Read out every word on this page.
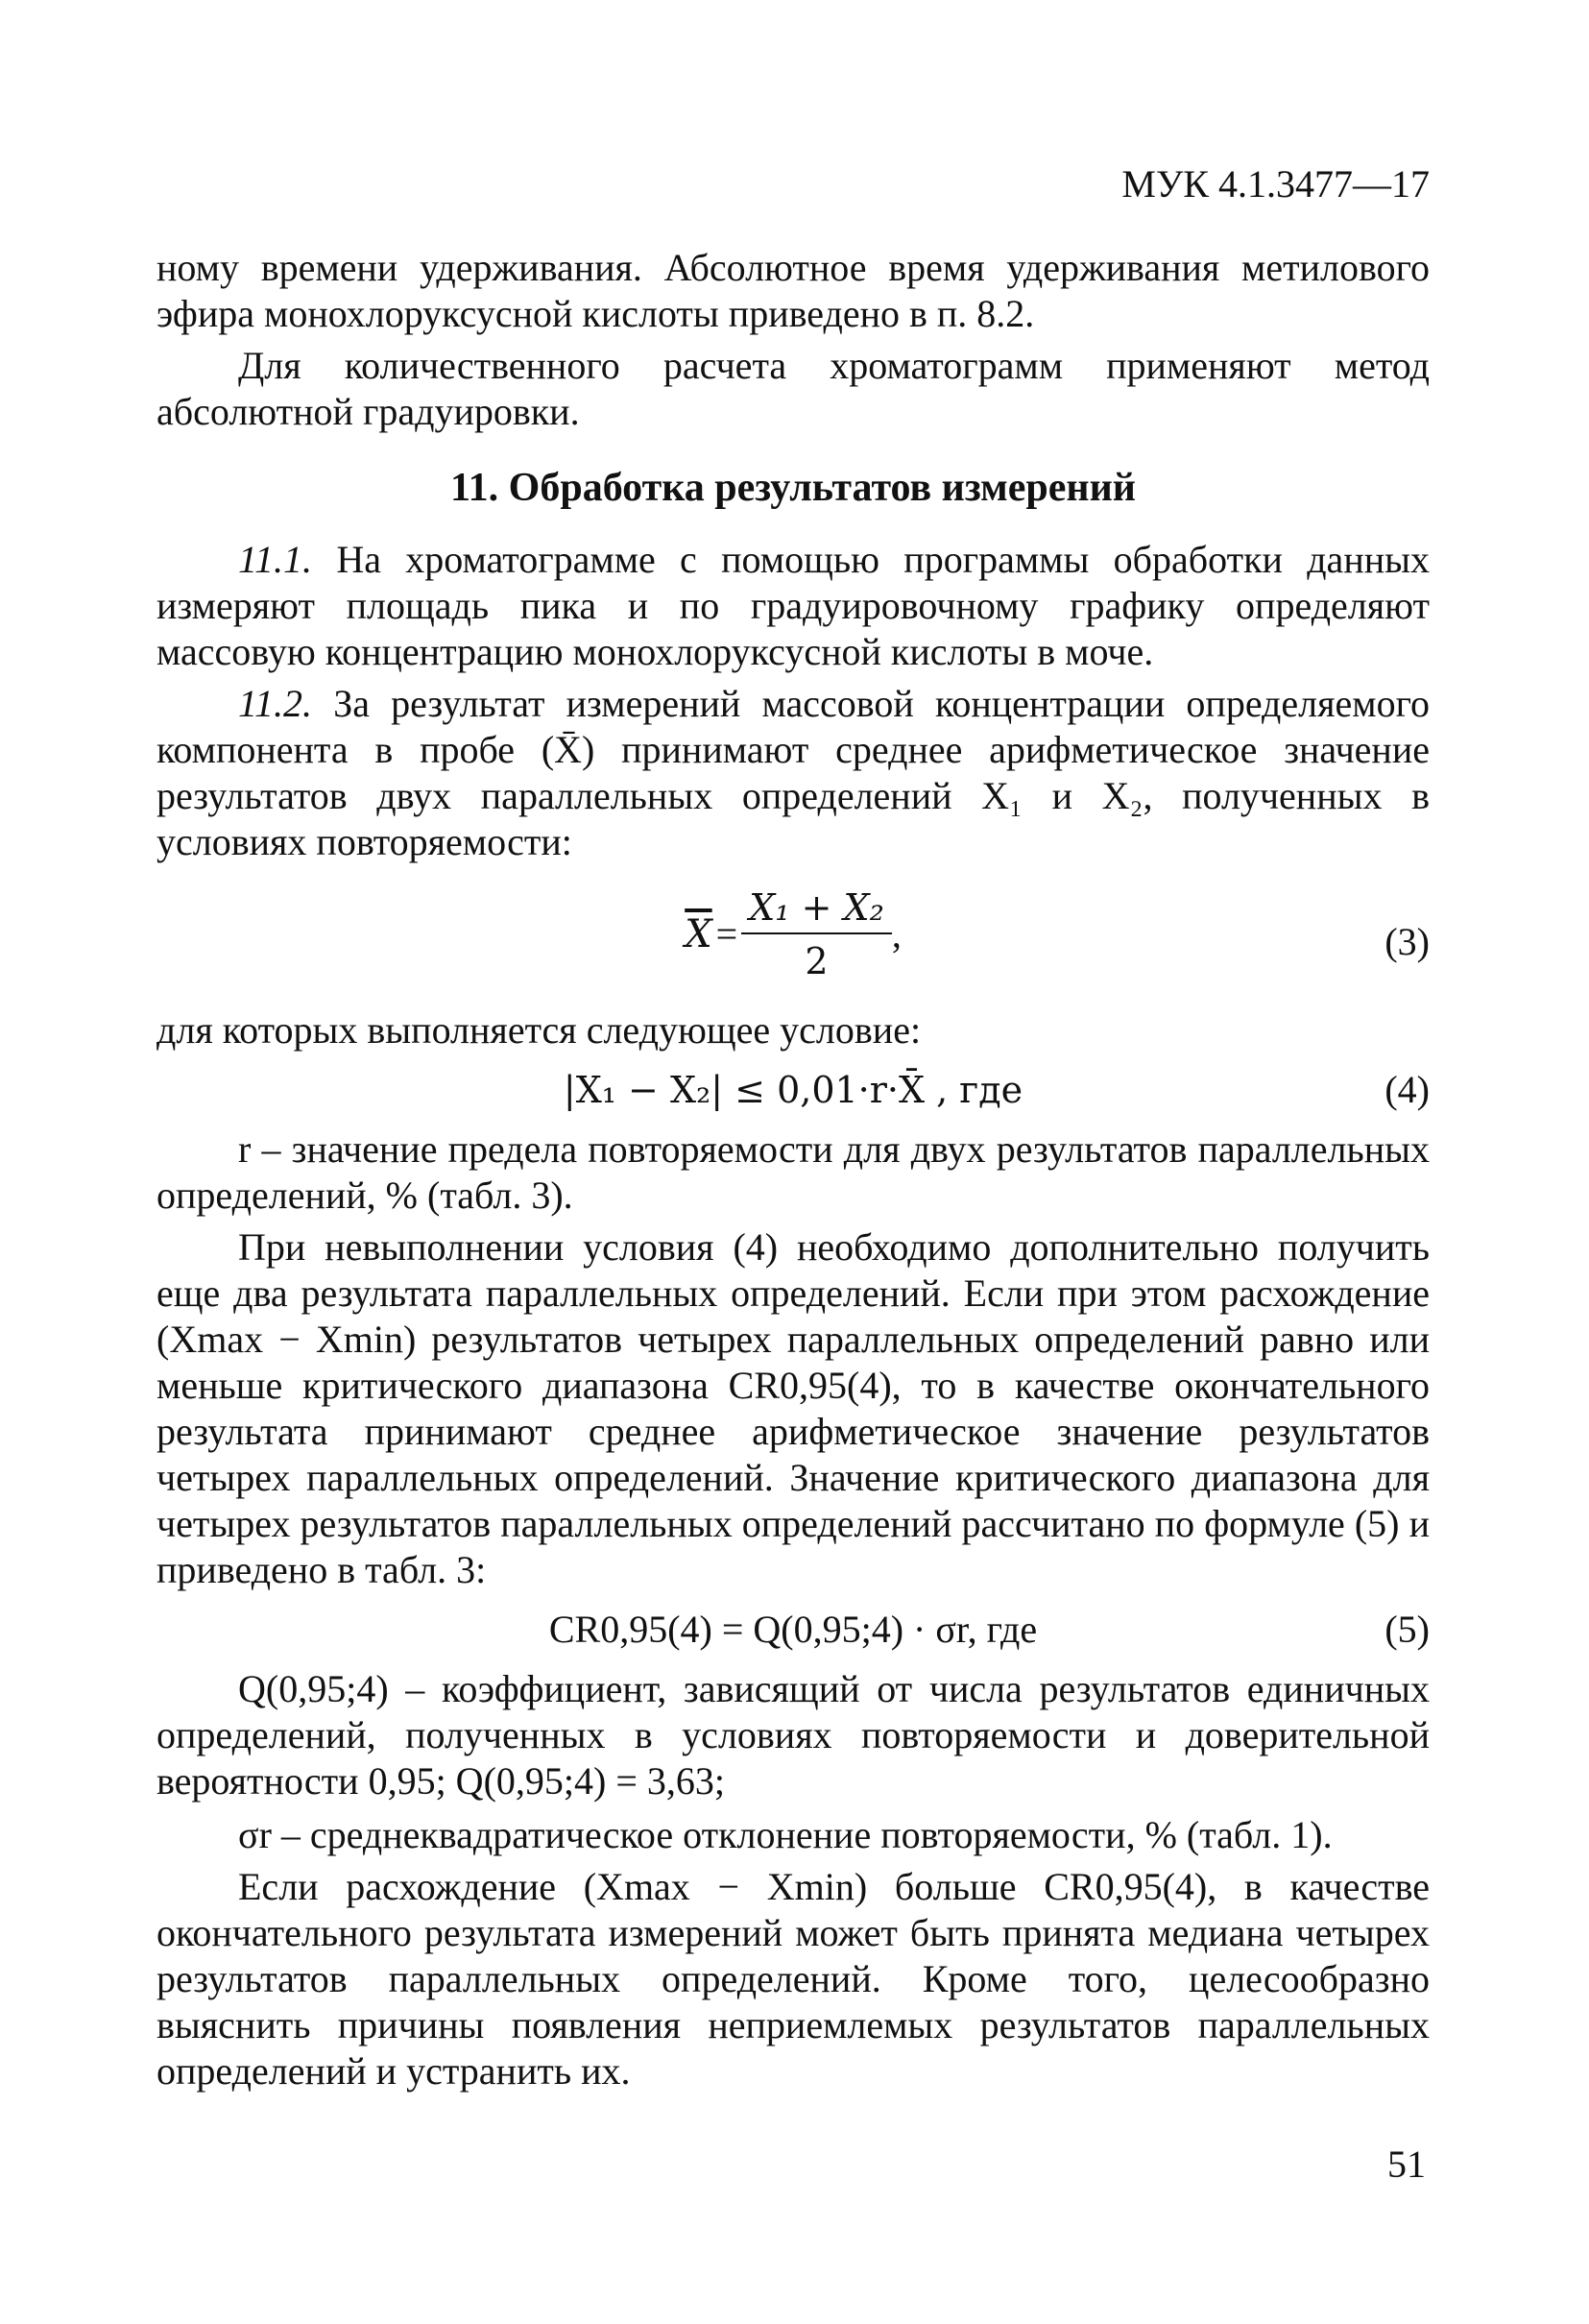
МУК 4.1.3477—17

ному времени удерживания. Абсолютное время удерживания метилового эфира монохлоруксусной кислоты приведено в п. 8.2.

Для количественного расчета хроматограмм применяют метод абсолютной градуировки.

11. Обработка результатов измерений

11.1. На хроматограмме с помощью программы обработки данных измеряют площадь пика и по градуировочному графику определяют массовую концентрацию монохлоруксусной кислоты в моче.

11.2. За результат измерений массовой концентрации определяемого компонента в пробе (X̄) принимают среднее арифметическое значение результатов двух параллельных определений X₁ и X₂, полученных в условиях повторяемости:

$\overline{X} = \frac{\text{X₁ + X₂}}{2}$ ,	(3)

для которых выполняется следующее условие:

|X₁ − X₂| ≤ 0,01·r·X̄ , где	(4)

r – значение предела повторяемости для двух результатов параллельных определений, % (табл. 3).

При невыполнении условия (4) необходимо дополнительно получить еще два результата параллельных определений. Если при этом расхождение (Xmax − Xmin) результатов четырех параллельных определений равно или меньше критического диапазона CR0,95(4), то в качестве окончательного результата принимают среднее арифметическое значение результатов четырех параллельных определений. Значение критического диапазона для четырех результатов параллельных определений рассчитано по формуле (5) и приведено в табл. 3:

CR0,95(4) = Q(0,95;4) · σr, где	(5)

Q(0,95;4) – коэффициент, зависящий от числа результатов единичных определений, полученных в условиях повторяемости и доверительной вероятности 0,95; Q(0,95;4) = 3,63;

σr – среднеквадратическое отклонение повторяемости, % (табл. 1).

Если расхождение (Xmax − Xmin) больше CR0,95(4), в качестве окончательного результата измерений может быть принята медиана четырех результатов параллельных определений. Кроме того, целесообразно выяснить причины появления неприемлемых результатов параллельных определений и устранить их.

51
